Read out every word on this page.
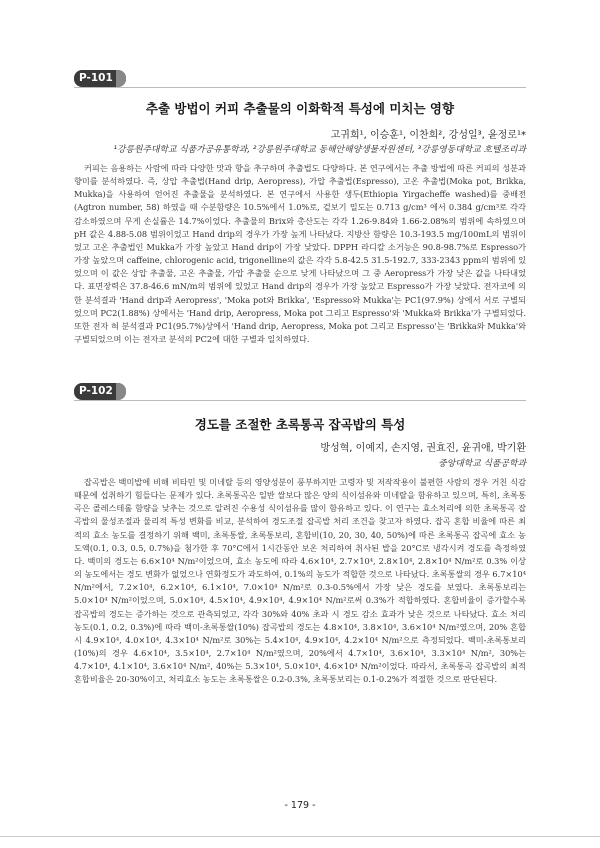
P-101
추출 방법이 커피 추출물의 이화학적 특성에 미치는 영향
고귀희¹, 이승훈¹, 이찬희², 강성일³, 윤정로¹*
¹강릉원주대학교 식품가공유통학과, ²강릉원주대학교 동해안해양생물자원센터, ³강릉영동대학교 호텔조리과

커피는 음용하는 사람에 따라 다양한 맛과 향을 추구하며 추출법도 다양하다. 본 연구에서는 추출 방법에 따른 커피의 성분과 향미를 분석하였다. 즉, 상압 추출법(Hand drip, Aeropress), 가압 추출법(Espresso), 고온 추출법(Moka pot, Brikka, Mukka)을 사용하여 얻어진 추출물을 분석하였다. 본 연구에서 사용한 생두(Ethiopia Yirgacheffe washed)를 중배전(Agtron number, 58) 하였을 때 수분함량은 10.5%에서 1.0%로, 겉보기 밀도는 0.713 g/cm³ 에서 0.384 g/cm³로 각각 감소하였으며 무게 손실률은 14.7%이었다. 추출물의 Brix와 총산도는 각각 1.26-9.84와 1.66-2.08%의 범위에 속하였으며 pH 값은 4.88-5.08 범위이었고 Hand drip의 경우가 가장 높게 나타났다. 지방산 함량은 10.3-193.5 mg/100mL의 범위이었고 고온 추출법인 Mukka가 가장 높았고 Hand drip이 가장 낮았다. DPPH 라디칼 소거능은 90.8-98.7%로 Espresso가 가장 높았으며 caffeine, chlorogenic acid, trigonelline의 값은 각각 5.8-42.5 31.5-192.7, 333-2343 ppm의 범위에 있었으며 이 값은 상압 추출물, 고온 추출물, 가압 추출물 순으로 낮게 나타났으며 그 중 Aeropress가 가장 낮은 값을 나타내었다. 표면장력은 37.8-46.6 mN/m의 범위에 있었고 Hand drip의 경우가 가장 높았고 Espresso가 가장 낮았다. 전자코에 의한 분석결과 'Hand drip과 Aeropress', 'Moka pot와 Brikka', 'Espresso와 Mukka'는 PC1(97.9%) 상에서 서로 구별되었으며 PC2(1.88%) 상에서는 'Hand drip, Aeropress, Moka pot 그리고 Espresso'와 'Mukka와 Brikka'가 구별되었다. 또한 전자 혀 분석결과 PC1(95.7%)상에서 'Hand drip, Aeropress, Moka pot 그리고 Espresso'는 'Brikka와 Mukka'와 구별되었으며 이는 전자코 분석의 PC2에 대한 구별과 일치하였다.

P-102
경도를 조절한 초록통곡 잡곡밥의 특성
방성혁, 이예지, 손지영, 권효진, 윤귀애, 박기환
중앙대학교 식품공학과

잡곡밥은 백미밥에 비해 비타민 및 미네랄 등의 영양성분이 풍부하지만 고령자 및 저작작용이 불편한 사람의 경우 거친 식감때문에 섭취하기 힘들다는 문제가 있다. 초록통곡은 일반 쌀보다 많은 양의 식이섬유와 미네랄을 함유하고 있으며, 특히, 초록통곡은 콜레스테롤 함량을 낮추는 것으로 알려진 수용성 식이섬유를 많이 함유하고 있다. 이 연구는 효소처리에 의한 초록통곡 잡곡밥의 물성조절과 물리적 특성 변화를 비교, 분석하여 경도조절 잡곡밥 처리 조건을 찾고자 하였다. 잡곡 혼합 비율에 따른 최적의 효소 농도를 결정하기 위해 백미, 초록통쌀, 초록통보리, 혼합비(10, 20, 30, 40, 50%)에 따른 초록통곡 잡곡에 효소 농도액(0.1, 0.3, 0.5, 0.7%)을 첨가한 후 70°C에서 1시간동안 보온 처리하여 취사된 밥을 20°C로 냉각시켜 경도를 측정하였다. 백미의 경도는 6.6×10⁴ N/m²이었으며, 효소 농도에 따라 4.6×10⁴, 2.7×10⁴, 2.8×10⁴, 2.8×10⁴ N/m²로 0.3% 이상의 농도에서는 경도 변화가 없었으나 연화정도가 과도하여, 0.1%의 농도가 적합한 것으로 나타났다. 초록통쌀의 경우 6.7×10⁴ N/m²에서, 7.2×10⁴, 6.2×10⁴, 6.1×10⁴, 7.0×10⁴ N/m²로 0.3-0.5%에서 가장 낮은 경도를 보였다. 초록통보리는 5.0×10⁴ N/m²이었으며, 5.0×10⁴, 4.5×10⁴, 4.9×10⁴, 4.9×10⁴ N/m²로써 0.3%가 적합하였다. 혼합비율이 증가할수록 잡곡밥의 경도는 증가하는 것으로 관측되었고, 각각 30%와 40% 초과 시 경도 감소 효과가 낮은 것으로 나타났다. 효소 처리 농도(0.1, 0.2, 0.3%)에 따라 백미-초록통쌀(10%) 잡곡밥의 경도는 4.8×10⁴, 3.8×10⁴, 3.6×10⁴ N/m²였으며, 20% 혼합 시 4.9×10⁴, 4.0×10⁴, 4.3×10⁴ N/m²로 30%는 5.4×10⁴, 4.9×10⁴, 4.2×10⁴ N/m²으로 측정되었다. 백미-초록통보리(10%)의 경우 4.6×10⁴, 3.5×10⁴, 2.7×10⁴ N/m²였으며, 20%에서 4.7×10⁴, 3.6×10⁴, 3.3×10⁴ N/m², 30%는 4.7×10⁴, 4.1×10⁴, 3.6×10⁴ N/m², 40%는 5.3×10⁴, 5.0×10⁴, 4.6×10⁴ N/m²이었다. 따라서, 초록통곡 잡곡밥의 최적 혼합비율은 20-30%이고, 처리효소 농도는 초록통쌀은 0.2-0.3%, 초록통보리는 0.1-0.2%가 적절한 것으로 판단된다.

- 179 -
